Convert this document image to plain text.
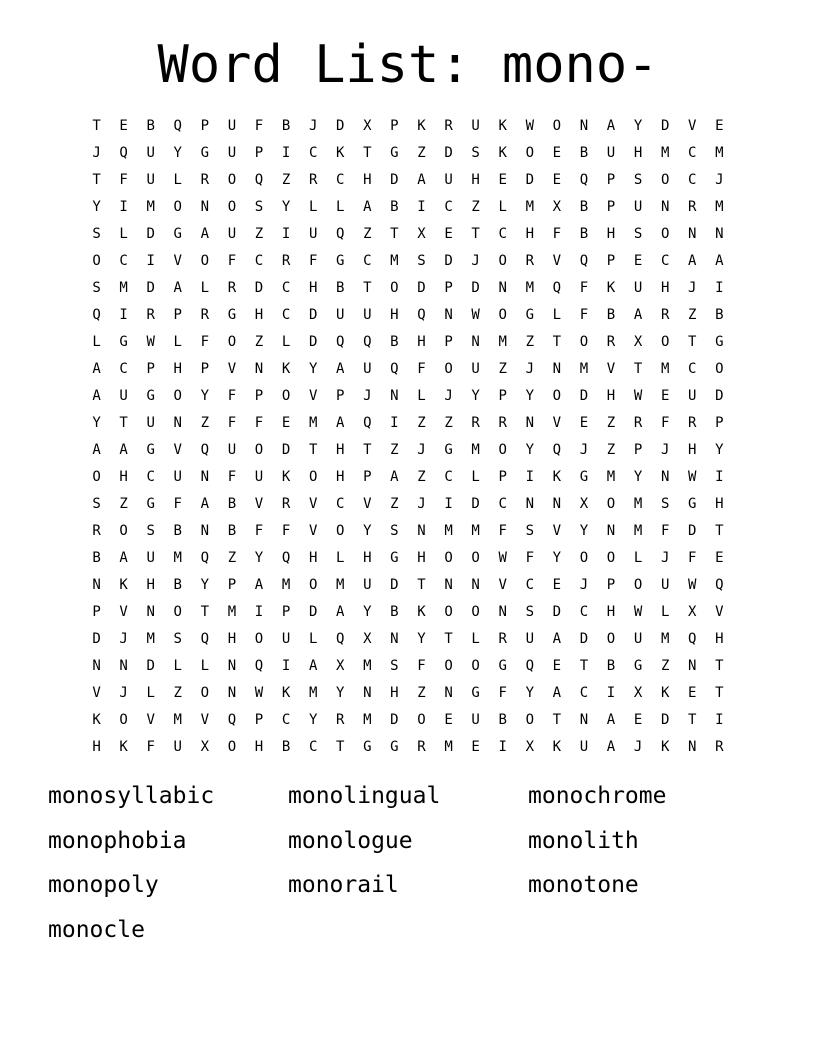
Word List: mono-
T	E	B	Q	P	U	F	B	J	D	X	P	K	R	U	K	W	O	N	A	Y	D	V	E
J	Q	U	Y	G	U	P	I	C	K	T	G	Z	D	S	K	O	E	B	U	H	M	C	M
T	F	U	L	R	O	Q	Z	R	C	H	D	A	U	H	E	D	E	Q	P	S	O	C	J
Y	I	M	O	N	O	S	Y	L	L	A	B	I	C	Z	L	M	X	B	P	U	N	R	M
S	L	D	G	A	U	Z	I	U	Q	Z	T	X	E	T	C	H	F	B	H	S	O	N	N
O	C	I	V	O	F	C	R	F	G	C	M	S	D	J	O	R	V	Q	P	E	C	A	A
S	M	D	A	L	R	D	C	H	B	T	O	D	P	D	N	M	Q	F	K	U	H	J	I
Q	I	R	P	R	G	H	C	D	U	U	H	Q	N	W	O	G	L	F	B	A	R	Z	B
L	G	W	L	F	O	Z	L	D	Q	Q	B	H	P	N	M	Z	T	O	R	X	O	T	G
A	C	P	H	P	V	N	K	Y	A	U	Q	F	O	U	Z	J	N	M	V	T	M	C	O
A	U	G	O	Y	F	P	O	V	P	J	N	L	J	Y	P	Y	O	D	H	W	E	U	D
Y	T	U	N	Z	F	F	E	M	A	Q	I	Z	Z	R	R	N	V	E	Z	R	F	R	P
A	A	G	V	Q	U	O	D	T	H	T	Z	J	G	M	O	Y	Q	J	Z	P	J	H	Y
O	H	C	U	N	F	U	K	O	H	P	A	Z	C	L	P	I	K	G	M	Y	N	W	I
S	Z	G	F	A	B	V	R	V	C	V	Z	J	I	D	C	N	N	X	O	M	S	G	H
R	O	S	B	N	B	F	F	V	O	Y	S	N	M	M	F	S	V	Y	N	M	F	D	T
B	A	U	M	Q	Z	Y	Q	H	L	H	G	H	O	O	W	F	Y	O	O	L	J	F	E
N	K	H	B	Y	P	A	M	O	M	U	D	T	N	N	V	C	E	J	P	O	U	W	Q
P	V	N	O	T	M	I	P	D	A	Y	B	K	O	O	N	S	D	C	H	W	L	X	V
D	J	M	S	Q	H	O	U	L	Q	X	N	Y	T	L	R	U	A	D	O	U	M	Q	H
N	N	D	L	L	N	Q	I	A	X	M	S	F	O	O	G	Q	E	T	B	G	Z	N	T
V	J	L	Z	O	N	W	K	M	Y	N	H	Z	N	G	F	Y	A	C	I	X	K	E	T
K	O	V	M	V	Q	P	C	Y	R	M	D	O	E	U	B	O	T	N	A	E	D	T	I
H	K	F	U	X	O	H	B	C	T	G	G	R	M	E	I	X	K	U	A	J	K	N	R
monosyllabic	monolingual	monochrome
monophobia	monologue	monolith
monopoly	monorail	monotone
monocle
